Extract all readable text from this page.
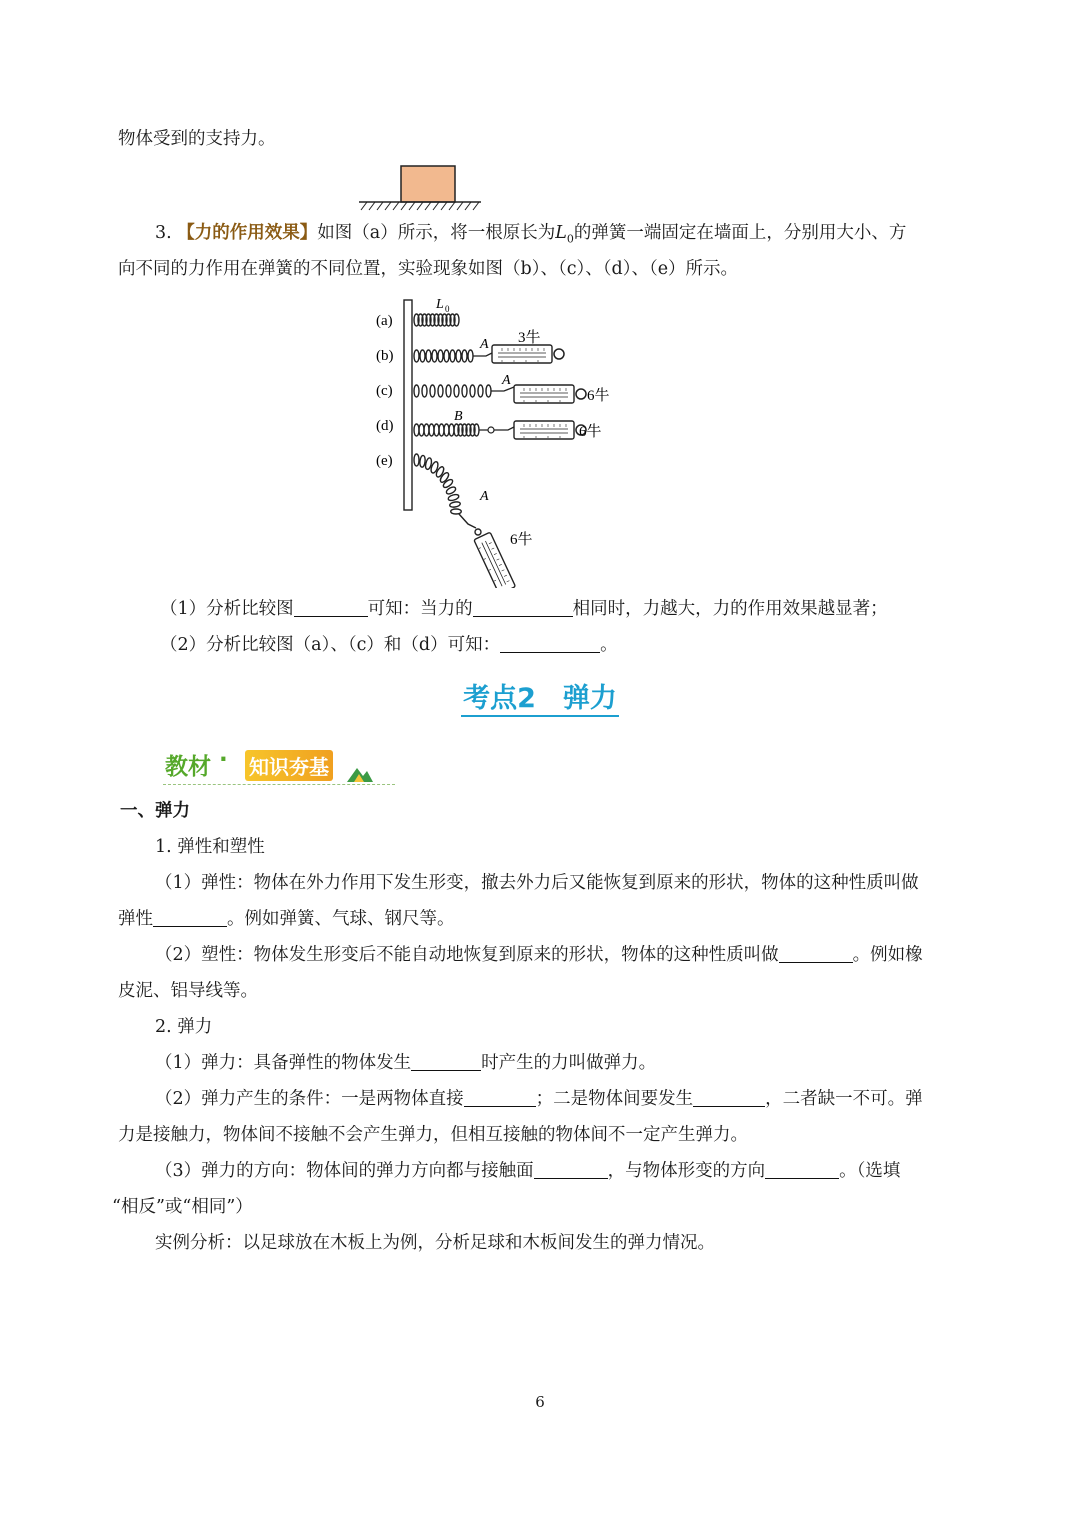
物体受到的支持力。
3. 【力的作用效果】如图（a）所示，将一根原长为$L_0$的弹簧一端固定在墙面上，分别用大小、方
向不同的力作用在弹簧的不同位置，实验现象如图（b）、（c）、（d）、（e）所示。
(a)
(b)
(c)
(d)
(e)
L 0
A 3牛
A
6牛
B
6牛
A
6牛
（1）分析比较图	可知：当力的	相同时，力越大，力的作用效果越显著；
（2）分析比较图（a）、（c）和（d）可知：	。
考点2　弹力
教材 · 知识夯基
一、弹力
1. 弹性和塑性
（1）弹性：物体在外力作用下发生形变，撤去外力后又能恢复到原来的形状，物体的这种性质叫做
弹性	。例如弹簧、气球、钢尺等。
（2）塑性：物体发生形变后不能自动地恢复到原来的形状，物体的这种性质叫做	。例如橡
皮泥、铝导线等。
2. 弹力
（1）弹力：具备弹性的物体发生	时产生的力叫做弹力。
（2）弹力产生的条件：一是两物体直接	；二是物体间要发生	，二者缺一不可。弹
力是接触力，物体间不接触不会产生弹力，但相互接触的物体间不一定产生弹力。
（3）弹力的方向：物体间的弹力方向都与接触面	，与物体形变的方向	。（选填
“相反”或“相同”）
实例分析：以足球放在木板上为例，分析足球和木板间发生的弹力情况。
6
